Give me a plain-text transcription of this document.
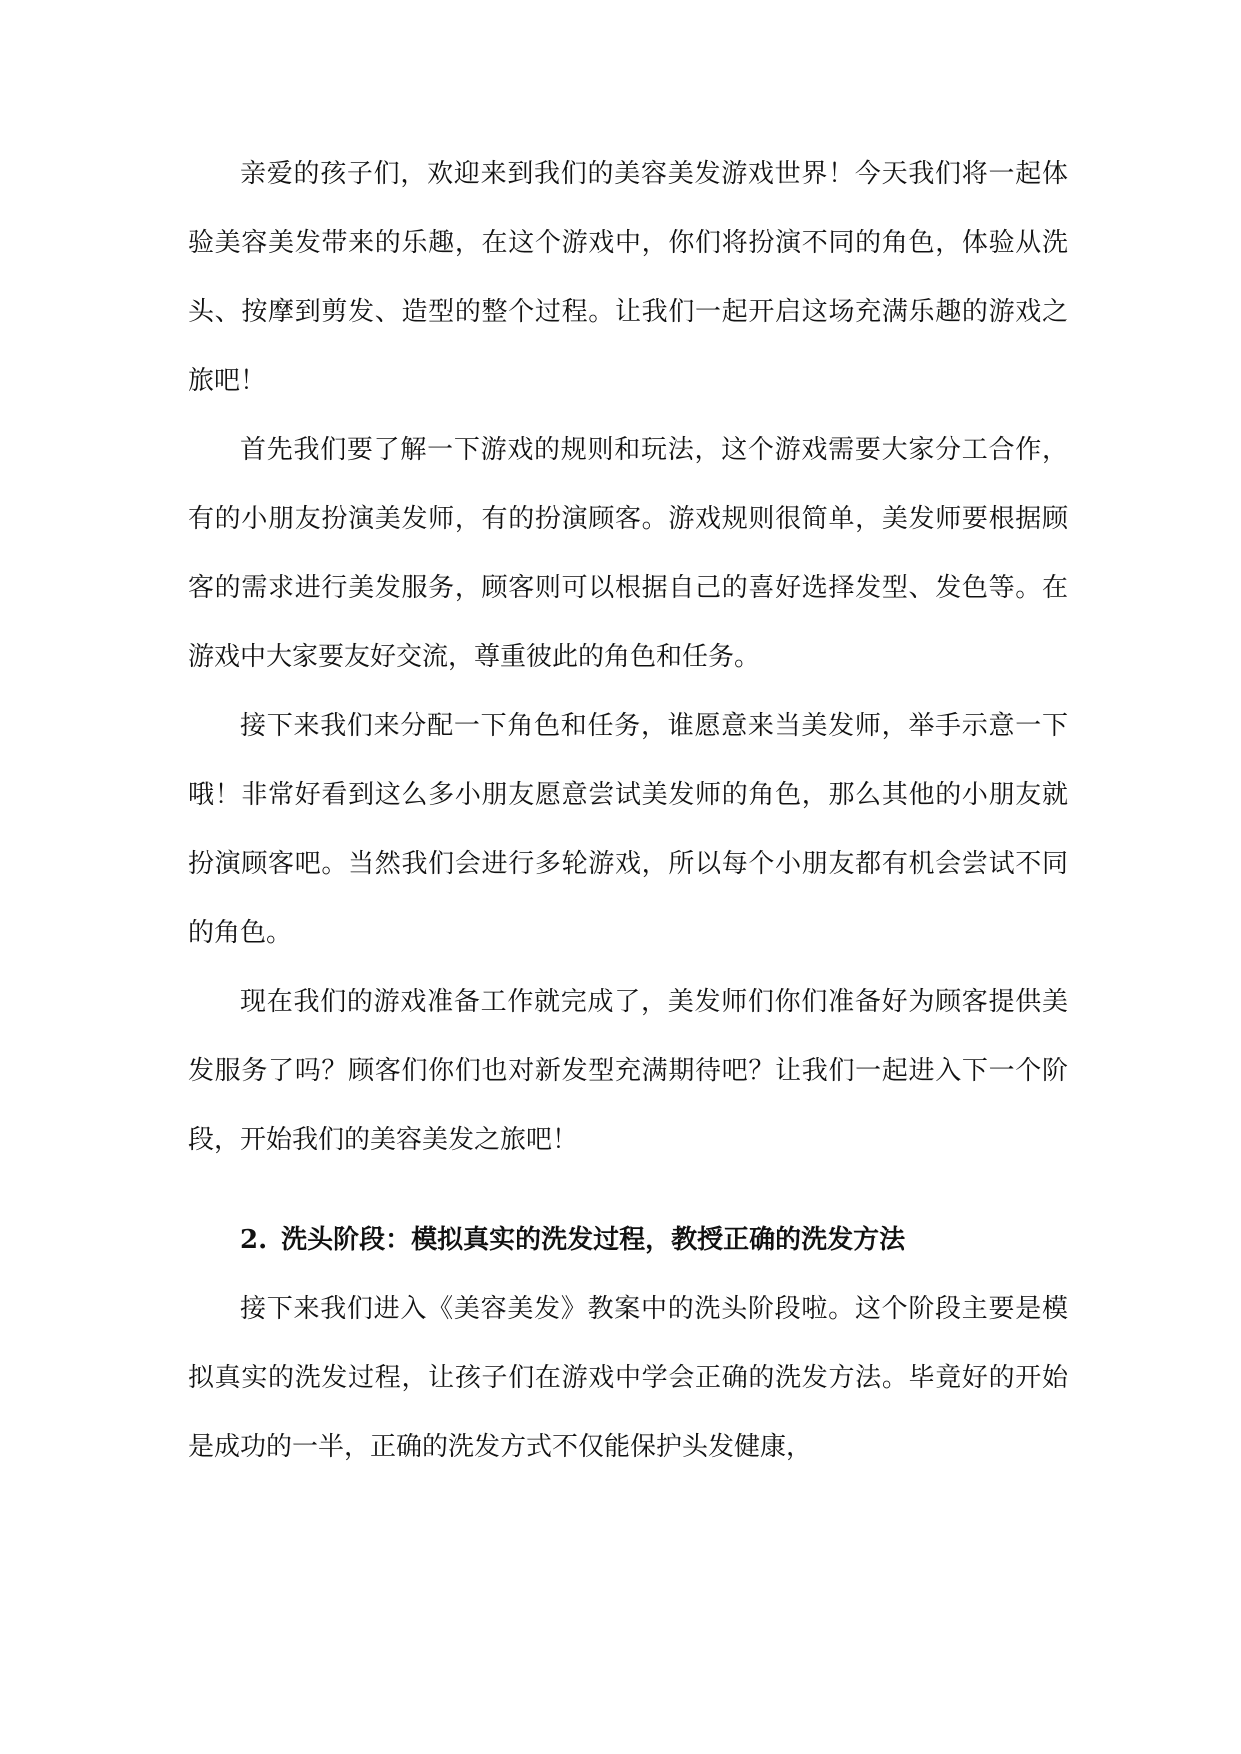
亲爱的孩子们，欢迎来到我们的美容美发游戏世界！今天我们将一起体验美容美发带来的乐趣，在这个游戏中，你们将扮演不同的角色，体验从洗头、按摩到剪发、造型的整个过程。让我们一起开启这场充满乐趣的游戏之旅吧！

首先我们要了解一下游戏的规则和玩法，这个游戏需要大家分工合作，有的小朋友扮演美发师，有的扮演顾客。游戏规则很简单，美发师要根据顾客的需求进行美发服务，顾客则可以根据自己的喜好选择发型、发色等。在游戏中大家要友好交流，尊重彼此的角色和任务。

接下来我们来分配一下角色和任务，谁愿意来当美发师，举手示意一下哦！非常好看到这么多小朋友愿意尝试美发师的角色，那么其他的小朋友就扮演顾客吧。当然我们会进行多轮游戏，所以每个小朋友都有机会尝试不同的角色。

现在我们的游戏准备工作就完成了，美发师们你们准备好为顾客提供美发服务了吗？顾客们你们也对新发型充满期待吧？让我们一起进入下一个阶段，开始我们的美容美发之旅吧！

2. 洗头阶段：模拟真实的洗发过程，教授正确的洗发方法

接下来我们进入《美容美发》教案中的洗头阶段啦。这个阶段主要是模拟真实的洗发过程，让孩子们在游戏中学会正确的洗发方法。毕竟好的开始是成功的一半，正确的洗发方式不仅能保护头发健康，
